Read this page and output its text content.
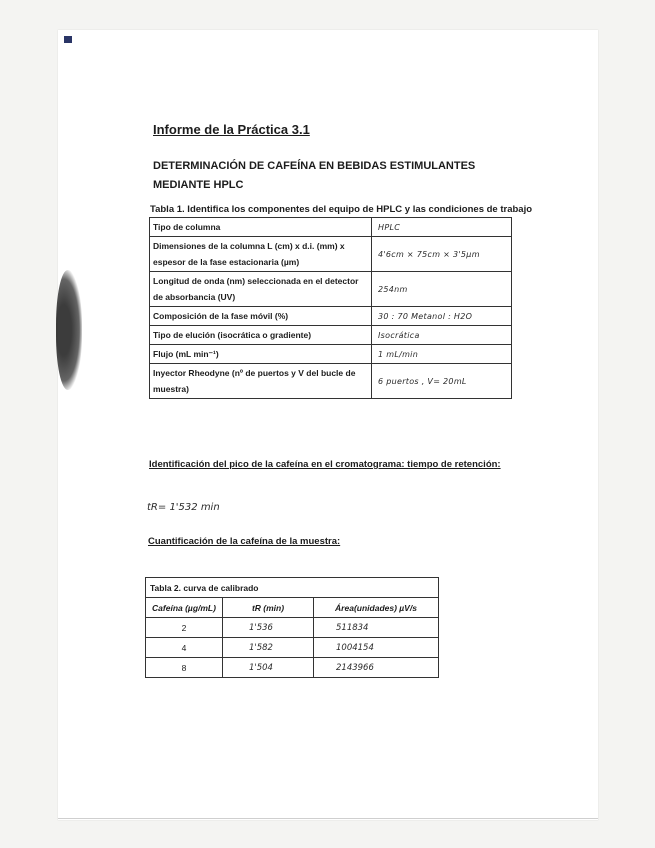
Informe de la Práctica 3.1
DETERMINACIÓN DE CAFEÍNA EN BEBIDAS ESTIMULANTES MEDIANTE HPLC
Tabla 1. Identifica los componentes del equipo de HPLC y las condiciones de trabajo
Tipo de columna	HPLC
Dimensiones de la columna L (cm) x d.i. (mm) x espesor de la fase estacionaria (µm)	4'6cm × 75cm × 3'5µm
Longitud de onda (nm) seleccionada en el detector de absorbancia (UV)	254nm
Composición de la fase móvil (%)	30 : 70 Metanol : H2O
Tipo de elución (isocrática o gradiente)	Isocrática
Flujo (mL min⁻¹)	1 mL/min
Inyector Rheodyne (nº de puertos y V del bucle de muestra)	6 puertos , V= 20mL
Identificación del pico de la cafeína en el cromatograma: tiempo de retención:
tR= 1'532 min
Cuantificación de la cafeína de la muestra:
Tabla 2. curva de calibrado		
Cafeína (µg/mL)	tR (min)	Área(unidades) µV/s
2	1'536	511834
4	1'582	1004154
8	1'504	2143966
